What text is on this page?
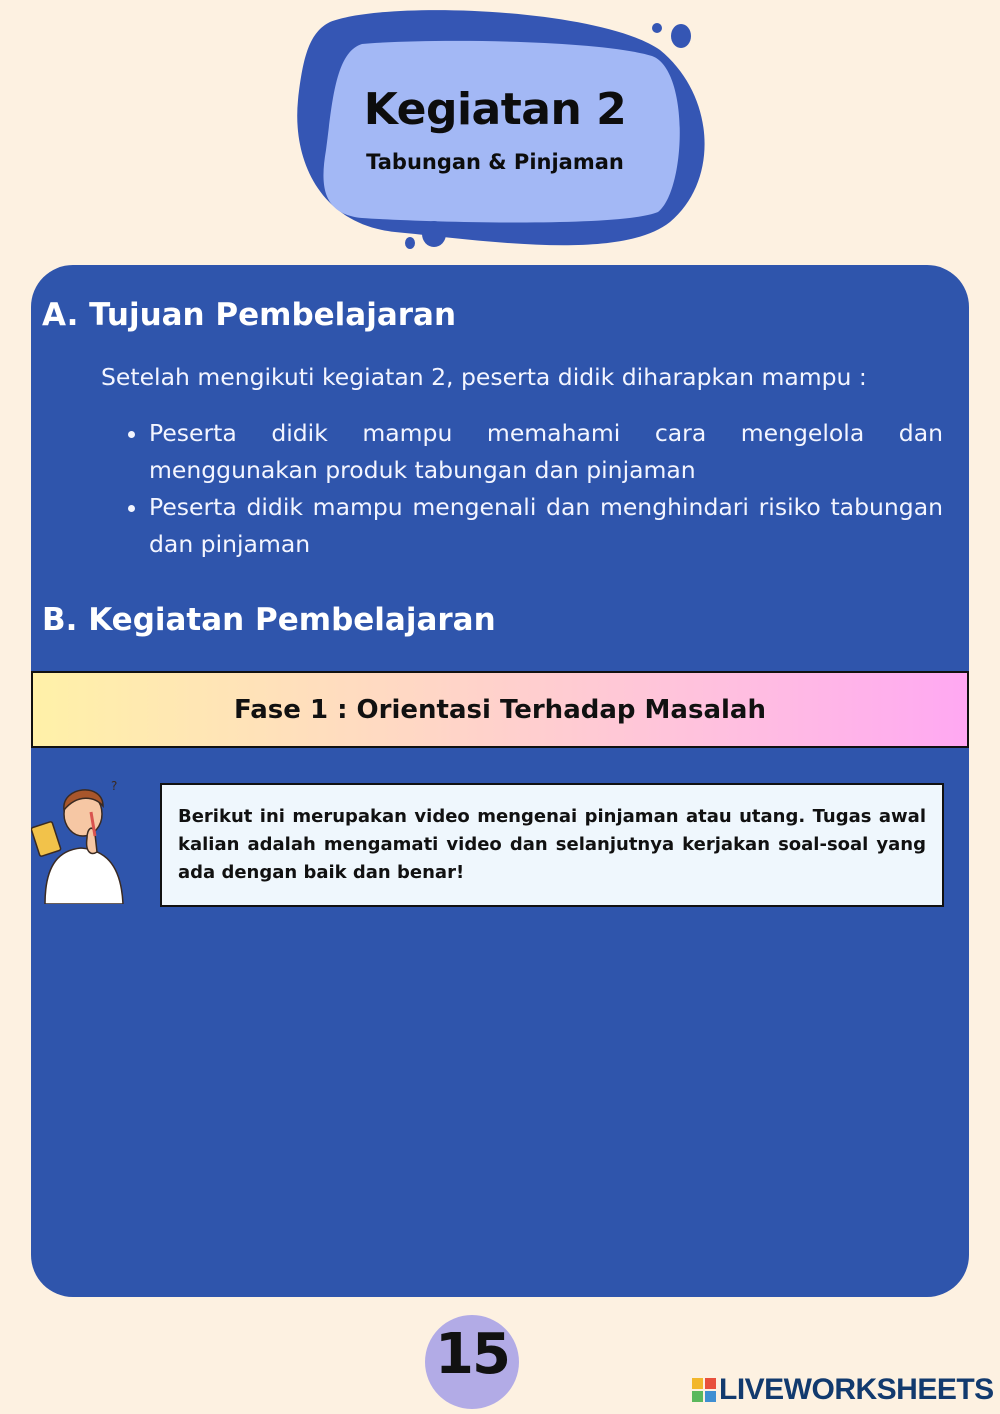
Kegiatan 2
Tabungan & Pinjaman
A. Tujuan Pembelajaran
Setelah mengikuti kegiatan 2, peserta didik diharapkan mampu :
• Peserta didik mampu memahami cara mengelola dan menggunakan produk tabungan dan pinjaman
• Peserta didik mampu mengenali dan menghindari risiko tabungan dan pinjaman
B. Kegiatan Pembelajaran
Fase 1 : Orientasi Terhadap Masalah
?
Berikut ini merupakan video mengenai pinjaman atau utang. Tugas awal kalian adalah mengamati video dan selanjutnya kerjakan soal-soal yang ada dengan baik dan benar!
15
LIVEWORKSHEETS
